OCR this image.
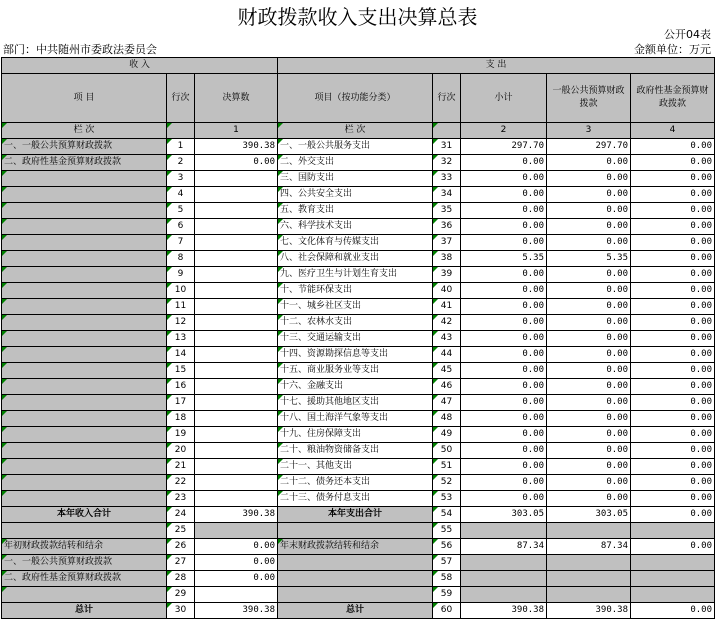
财政拨款收入支出决算总表
公开04表
部门：中共随州市委政法委员会	金额单位：万元
收 入			支 出				
项 目	行次	决算数	项目（按功能分类）	行次	小计	一般公共预算财政拨款	政府性基金预算财政拨款
栏 次		1	栏 次		2	3	4
一、一般公共预算财政拨款	1	390.38	一、一般公共服务支出	31	297.70	297.70	0.00
二、政府性基金预算财政拨款	2	0.00	二、外交支出	32	0.00	0.00	0.00
	3		三、国防支出	33	0.00	0.00	0.00
	4		四、公共安全支出	34	0.00	0.00	0.00
	5		五、教育支出	35	0.00	0.00	0.00
	6		六、科学技术支出	36	0.00	0.00	0.00
	7		七、文化体育与传媒支出	37	0.00	0.00	0.00
	8		八、社会保障和就业支出	38	5.35	5.35	0.00
	9		九、医疗卫生与计划生育支出	39	0.00	0.00	0.00
	10		十、节能环保支出	40	0.00	0.00	0.00
	11		十一、城乡社区支出	41	0.00	0.00	0.00
	12		十二、农林水支出	42	0.00	0.00	0.00
	13		十三、交通运输支出	43	0.00	0.00	0.00
	14		十四、资源勘探信息等支出	44	0.00	0.00	0.00
	15		十五、商业服务业等支出	45	0.00	0.00	0.00
	16		十六、金融支出	46	0.00	0.00	0.00
	17		十七、援助其他地区支出	47	0.00	0.00	0.00
	18		十八、国土海洋气象等支出	48	0.00	0.00	0.00
	19		十九、住房保障支出	49	0.00	0.00	0.00
	20		二十、粮油物资储备支出	50	0.00	0.00	0.00
	21		二十一、其他支出	51	0.00	0.00	0.00
	22		二十二、债务还本支出	52	0.00	0.00	0.00
	23		二十三、债务付息支出	53	0.00	0.00	0.00
本年收入合计	24	390.38	本年支出合计	54	303.05	303.05	0.00
	25			55			
年初财政拨款结转和结余	26	0.00	年末财政拨款结转和结余	56	87.34	87.34	0.00
一、一般公共预算财政拨款	27	0.00		57			
二、政府性基金预算财政拨款	28	0.00		58			
	29			59			
总计	30	390.38	总计	60	390.38	390.38	0.00
